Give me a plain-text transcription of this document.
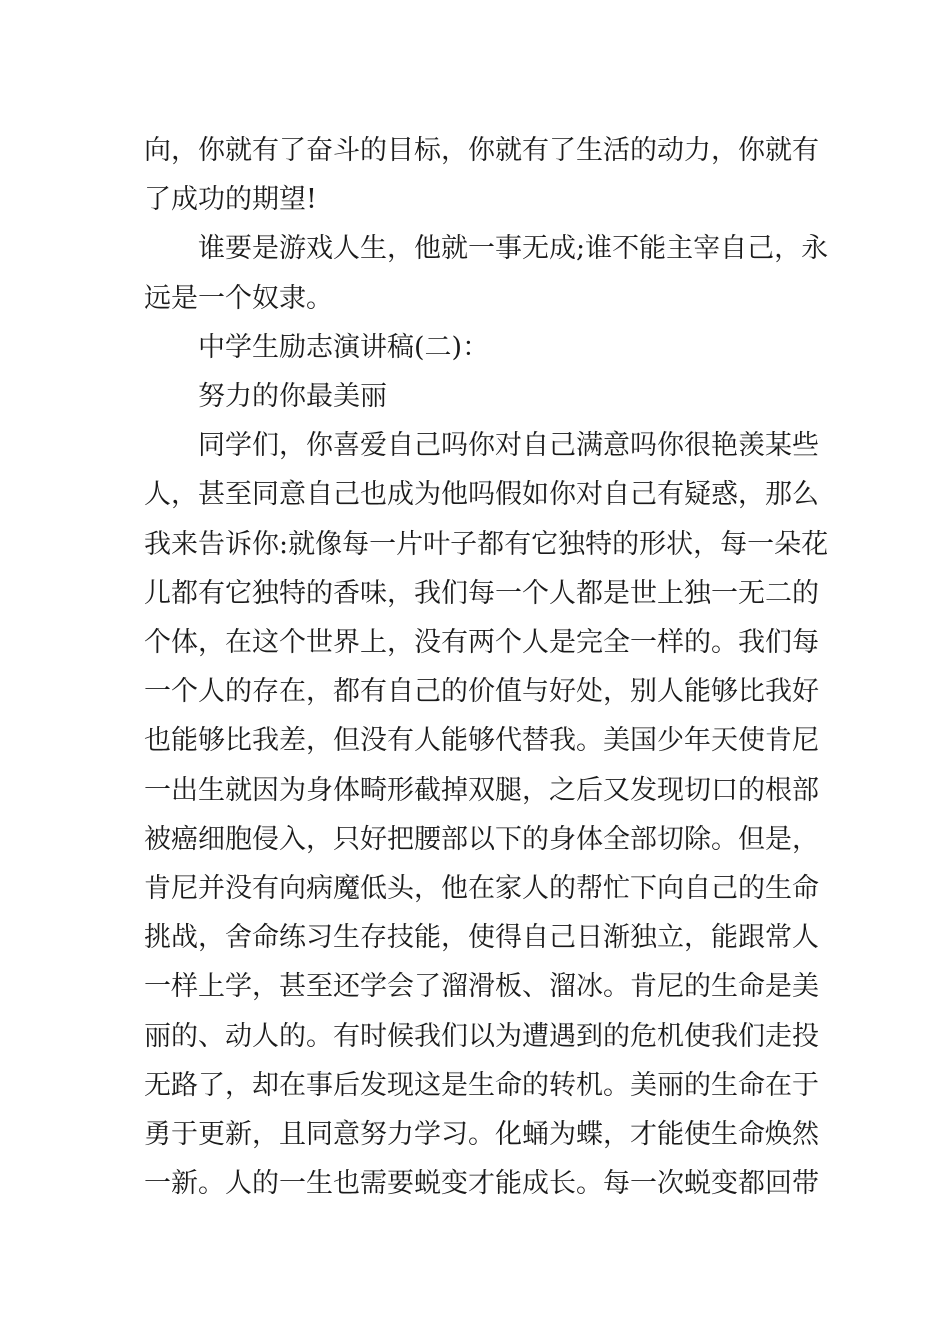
向，你就有了奋斗的目标，你就有了生活的动力，你就有
了成功的期望!

谁要是游戏人生，他就一事无成;谁不能主宰自己，永
远是一个奴隶。

中学生励志演讲稿(二)：

努力的你最美丽

同学们，你喜爱自己吗你对自己满意吗你很艳羡某些
人，甚至同意自己也成为他吗假如你对自己有疑惑，那么
我来告诉你:就像每一片叶子都有它独特的形状，每一朵花
儿都有它独特的香味，我们每一个人都是世上独一无二的
个体，在这个世界上，没有两个人是完全一样的。我们每
一个人的存在，都有自己的价值与好处，别人能够比我好
也能够比我差，但没有人能够代替我。美国少年天使肯尼
一出生就因为身体畸形截掉双腿，之后又发现切口的根部
被癌细胞侵入，只好把腰部以下的身体全部切除。但是，
肯尼并没有向病魔低头，他在家人的帮忙下向自己的生命
挑战，舍命练习生存技能，使得自己日渐独立，能跟常人
一样上学，甚至还学会了溜滑板、溜冰。肯尼的生命是美
丽的、动人的。有时候我们以为遭遇到的危机使我们走投
无路了，却在事后发现这是生命的转机。美丽的生命在于
勇于更新，且同意努力学习。化蛹为蝶，才能使生命焕然
一新。人的一生也需要蜕变才能成长。每一次蜕变都回带
